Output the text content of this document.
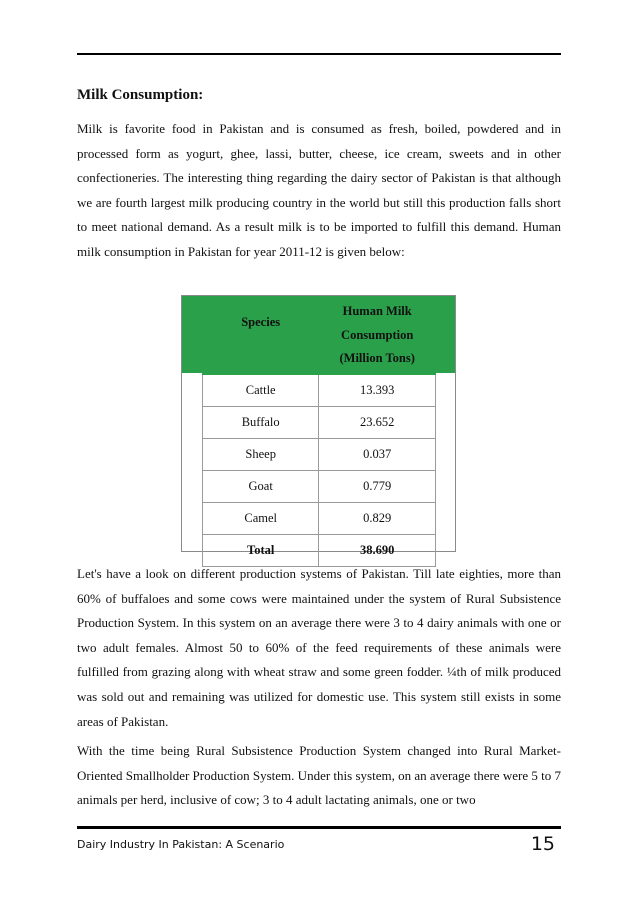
Milk Consumption:

Milk is favorite food in Pakistan and is consumed as fresh, boiled, powdered and in processed form as yogurt, ghee, lassi, butter, cheese, ice cream, sweets and in other confectioneries. The interesting thing regarding the dairy sector of Pakistan is that although we are fourth largest milk producing country in the world but still this production falls short to meet national demand. As a result milk is to be imported to fulfill this demand. Human milk consumption in Pakistan for year 2011-12 is given below:

Species	Human Milk Consumption (Million Tons)

Cattle	13.393
Buffalo	23.652
Sheep	0.037
Goat	0.779
Camel	0.829
Total	38.690

Let's have a look on different production systems of Pakistan. Till late eighties, more than 60% of buffaloes and some cows were maintained under the system of Rural Subsistence Production System. In this system on an average there were 3 to 4 dairy animals with one or two adult females. Almost 50 to 60% of the feed requirements of these animals were fulfilled from grazing along with wheat straw and some green fodder. ¼th of milk produced was sold out and remaining was utilized for domestic use. This system still exists in some areas of Pakistan.

With the time being Rural Subsistence Production System changed into Rural Market-Oriented Smallholder Production System. Under this system, on an average there were 5 to 7 animals per herd, inclusive of cow; 3 to 4 adult lactating animals, one or two

Dairy Industry In Pakistan: A Scenario	15
